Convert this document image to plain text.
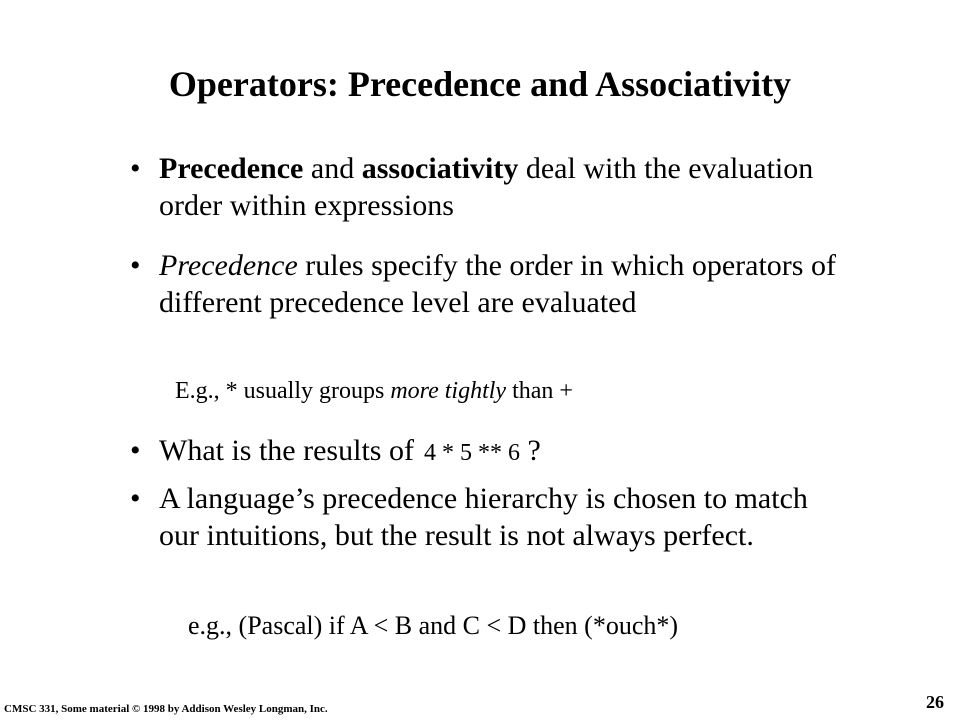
Operators: Precedence and Associativity
• Precedence and associativity deal with the evaluation order within expressions
• Precedence rules specify the order in which operators of different precedence level are evaluated
E.g., * usually groups more tightly than +
• What is the results of 4 * 5 ** 6 ?
• A language’s precedence hierarchy is chosen to match our intuitions, but the result is not always perfect.
e.g., (Pascal) if A < B and C < D then (*ouch*)
CMSC 331, Some material © 1998 by Addison Wesley Longman, Inc.	26
